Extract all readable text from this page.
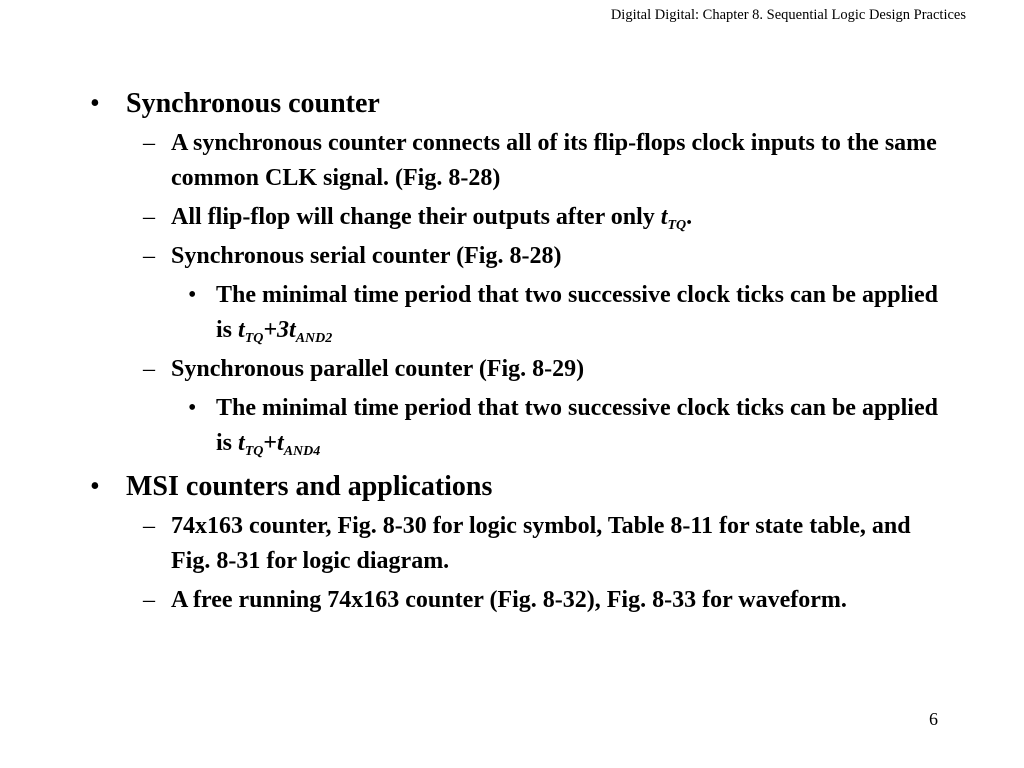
Digital Digital: Chapter 8. Sequential Logic Design Practices
• Synchronous counter
– A synchronous counter connects all of its flip-flops clock inputs to the same common CLK signal. (Fig. 8-28)
– All flip-flop will change their outputs after only $t_{TQ}$.
– Synchronous serial counter (Fig. 8-28)
• The minimal time period that two successive clock ticks can be applied is $t_{TQ}+3t_{AND2}$
– Synchronous parallel counter (Fig. 8-29)
• The minimal time period that two successive clock ticks can be applied is $t_{TQ}+t_{AND4}$
• MSI counters and applications
– 74x163 counter, Fig. 8-30 for logic symbol, Table 8-11 for state table, and Fig. 8-31 for logic diagram.
– A free running 74x163 counter (Fig. 8-32), Fig. 8-33 for waveform.
6
